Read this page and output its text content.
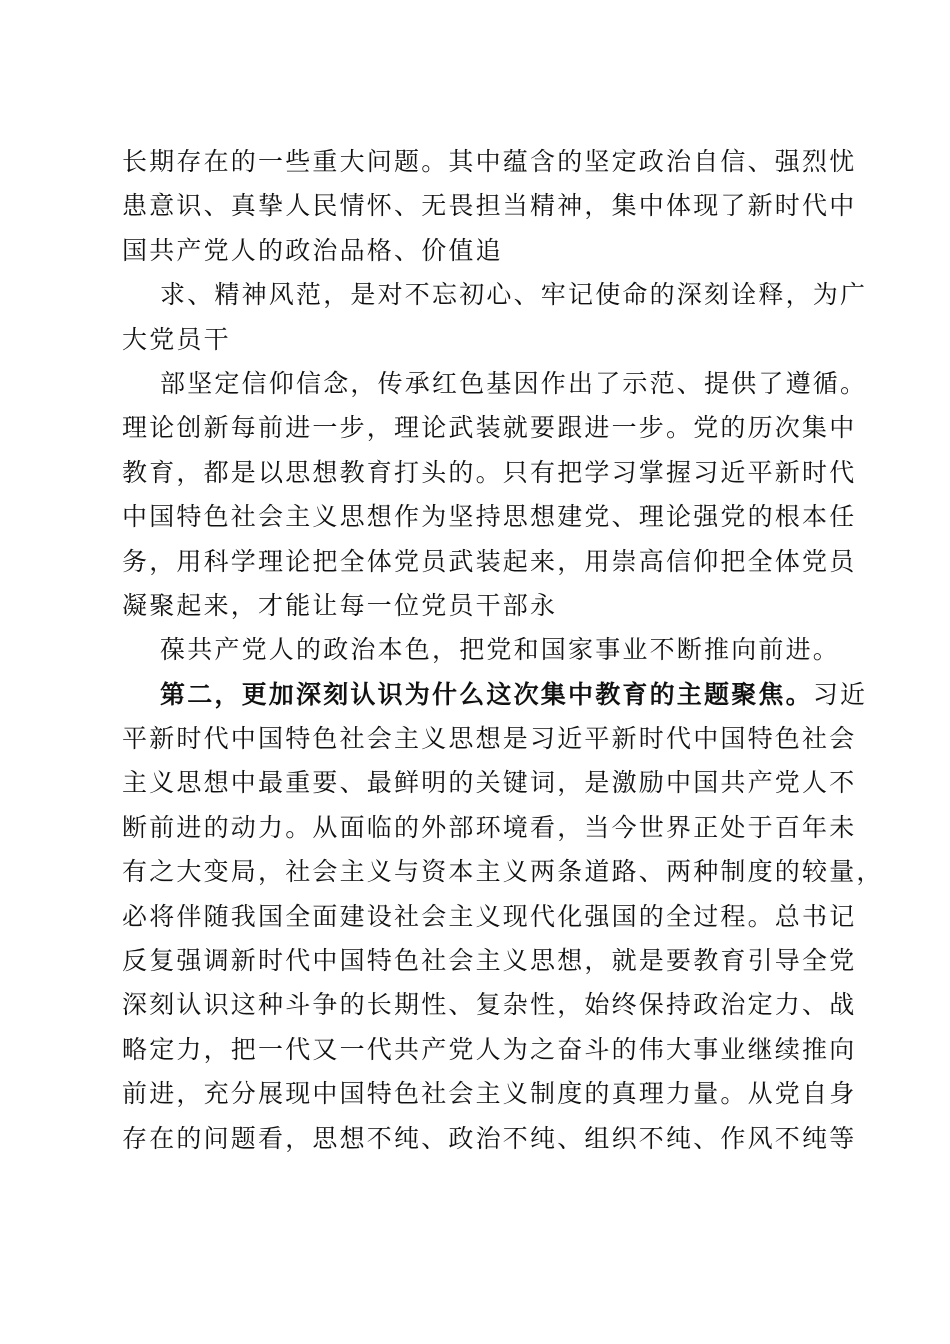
长期存在的一些重大问题。其中蕴含的坚定政治自信、强烈忧
患意识、真挚人民情怀、无畏担当精神，集中体现了新时代中
国共产党人的政治品格、价值追
求、精神风范，是对不忘初心、牢记使命的深刻诠释，为广
大党员干
部坚定信仰信念，传承红色基因作出了示范、提供了遵循。
理论创新每前进一步，理论武装就要跟进一步。党的历次集中
教育，都是以思想教育打头的。只有把学习掌握习近平新时代
中国特色社会主义思想作为坚持思想建党、理论强党的根本任
务，用科学理论把全体党员武装起来，用崇高信仰把全体党员
凝聚起来，才能让每一位党员干部永
葆共产党人的政治本色，把党和国家事业不断推向前进。
第二，更加深刻认识为什么这次集中教育的主题聚焦。习近
平新时代中国特色社会主义思想是习近平新时代中国特色社会
主义思想中最重要、最鲜明的关键词，是激励中国共产党人不
断前进的动力。从面临的外部环境看，当今世界正处于百年未
有之大变局，社会主义与资本主义两条道路、两种制度的较量，
必将伴随我国全面建设社会主义现代化强国的全过程。总书记
反复强调新时代中国特色社会主义思想，就是要教育引导全党
深刻认识这种斗争的长期性、复杂性，始终保持政治定力、战
略定力，把一代又一代共产党人为之奋斗的伟大事业继续推向
前进，充分展现中国特色社会主义制度的真理力量。从党自身
存在的问题看，思想不纯、政治不纯、组织不纯、作风不纯等
